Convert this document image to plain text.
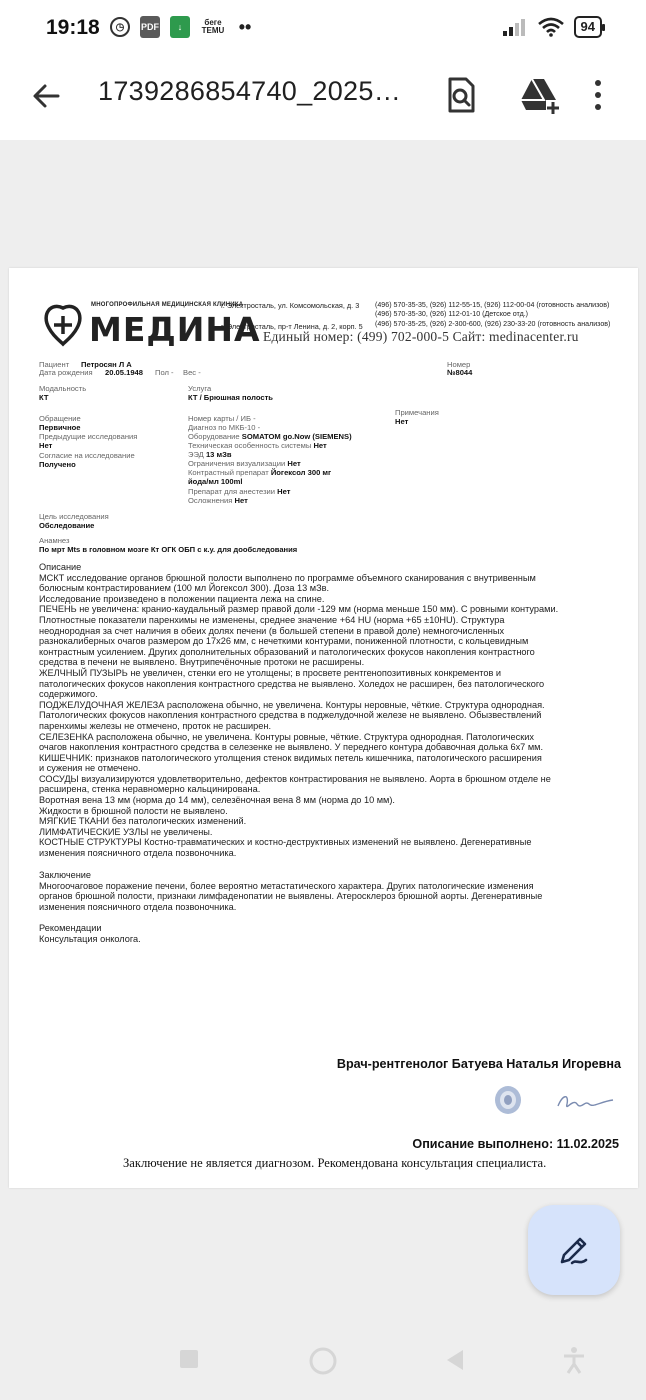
19:18	◷	PDF	↓	беге
TEMU ••	94
1739286854740_2025…
МНОГОПРОФИЛЬНАЯ МЕДИЦИНСКАЯ КЛИНИКА
МЕДИНА
г. Электросталь, ул. Комсомольская, д. 3
г. Электросталь, пр-т Ленина, д. 2, корп. 5
(496) 570-35-35, (926) 112-55-15, (926) 112-00-04 (готовность анализов)
(496) 570-35-30, (926) 112-01-10 (Детское отд.)
(496) 570-35-25, (926) 2-300-600, (926) 230-33-20 (готовность анализов)
Единый номер: (499) 702-000-5 Сайт: medinacenter.ru
Пациент Петросян Л А
Дата рождения 20.05.1948 Пол - Вес -
Номер
№8044
Модальность
КТ
Услуга
КТ / Брюшная полость
Обращение
Первичное
Предыдущие исследования
Нет
Согласие на исследование
Получено
Номер карты / ИБ -
Диагноз по МКБ-10 -
Оборудование SOMATOM go.Now (SIEMENS)
Техническая особенность системы Нет
ЭЭД 13 мЗв
Ограничения визуализации Нет
Контрастный препарат Йогексол 300 мг
йода/мл 100ml
Препарат для анестезии Нет
Осложнения Нет
Примечания
Нет
Цель исследования
Обследование
Анамнез
По мрт Mts в головном мозге Кт ОГК ОБП с к.у. для дообследования
Описание
МСКТ исследование органов брюшной полости выполнено по программе объемного сканирования с внутривенным
болюсным контрастированием (100 мл Йогексол 300). Доза 13 мЗв.
Исследование произведено в положении пациента лежа на спине.
ПЕЧЕНЬ не увеличена: кранио-каудальный размер правой доли -129 мм (норма меньше 150 мм). С ровными контурами.
Плотностные показатели паренхимы не изменены, среднее значение +64 HU (норма +65 ±10HU). Структура
неоднородная за счет наличия в обеих долях печени (в большей степени в правой доле) немногочисленных
разнокалиберных очагов размером до 17x26 мм, с нечеткими контурами, пониженной плотности, с кольцевидным
контрастным усилением. Других дополнительных образований и патологических фокусов накопления контрастного
средства в печени не выявлено. Внутрипечёночные протоки не расширены.
ЖЕЛЧНЫЙ ПУЗЫРЬ не увеличен, стенки его не утолщены; в просвете рентгенопозитивных конкрементов и
патологических фокусов накопления контрастного средства не выявлено. Холедох не расширен, без патологического
содержимого.
ПОДЖЕЛУДОЧНАЯ ЖЕЛЕЗА расположена обычно, не увеличена. Контуры неровные, чёткие. Структура однородная.
Патологических фокусов накопления контрастного средства в поджелудочной железе не выявлено. Обызвествлений
паренхимы железы не отмечено, проток не расширен.
СЕЛЕЗЕНКА расположена обычно, не увеличена. Контуры ровные, чёткие. Структура однородная. Патологических
очагов накопления контрастного средства в селезенке не выявлено. У переднего контура добавочная долька 6x7 мм.
КИШЕЧНИК: признаков патологического утолщения стенок видимых петель кишечника, патологического расширения
и сужения не отмечено.
СОСУДЫ визуализируются удовлетворительно, дефектов контрастирования не выявлено. Аорта в брюшном отделе не
расширена, стенка неравномерно кальцинирована.
Воротная вена 13 мм (норма до 14 мм), селезёночная вена 8 мм (норма до 10 мм).
Жидкости в брюшной полости не выявлено.
МЯГКИЕ ТКАНИ без патологических изменений.
ЛИМФАТИЧЕСКИЕ УЗЛЫ не увеличены.
КОСТНЫЕ СТРУКТУРЫ Костно-травматических и костно-деструктивных изменений не выявлено. Дегенеративные
изменения поясничного отдела позвоночника.
Заключение
Многоочаговое поражение печени, более вероятно метастатического характера. Других патологические изменения
органов брюшной полости, признаки лимфаденопатии не выявлены. Атеросклероз брюшной аорты. Дегенеративные
изменения поясничного отдела позвоночника.
Рекомендации
Консультация онколога.
Врач-рентгенолог Батуева Наталья Игоревна
Описание выполнено: 11.02.2025
Заключение не является диагнозом. Рекомендована консультация специалиста.
